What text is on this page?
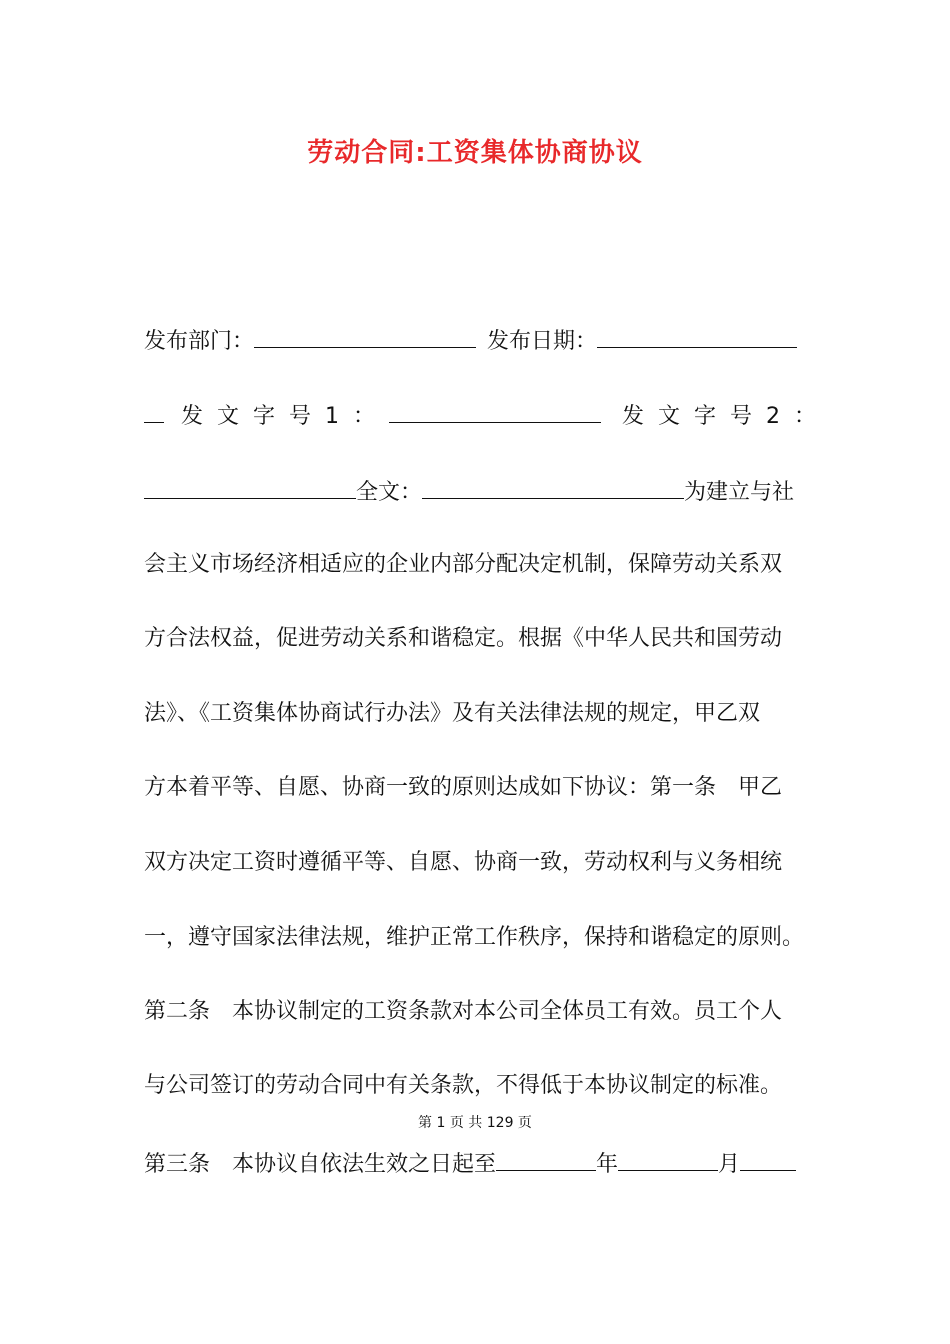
劳动合同:工资集体协商协议
发布部门：	发布日期：
发文字号1：	发文字号2：
全文：	为建立与社
会主义市场经济相适应的企业内部分配决定机制，保障劳动关系双
方合法权益，促进劳动关系和谐稳定。根据《中华人民共和国劳动
法》、《工资集体协商试行办法》及有关法律法规的规定，甲乙双
方本着平等、自愿、协商一致的原则达成如下协议：第一条　甲乙
双方决定工资时遵循平等、自愿、协商一致，劳动权利与义务相统
一，遵守国家法律法规，维护正常工作秩序，保持和谐稳定的原则。
第二条　本协议制定的工资条款对本公司全体员工有效。员工个人
与公司签订的劳动合同中有关条款，不得低于本协议制定的标准。
第 1 页 共 129 页
第三条　本协议自依法生效之日起至	年	月
